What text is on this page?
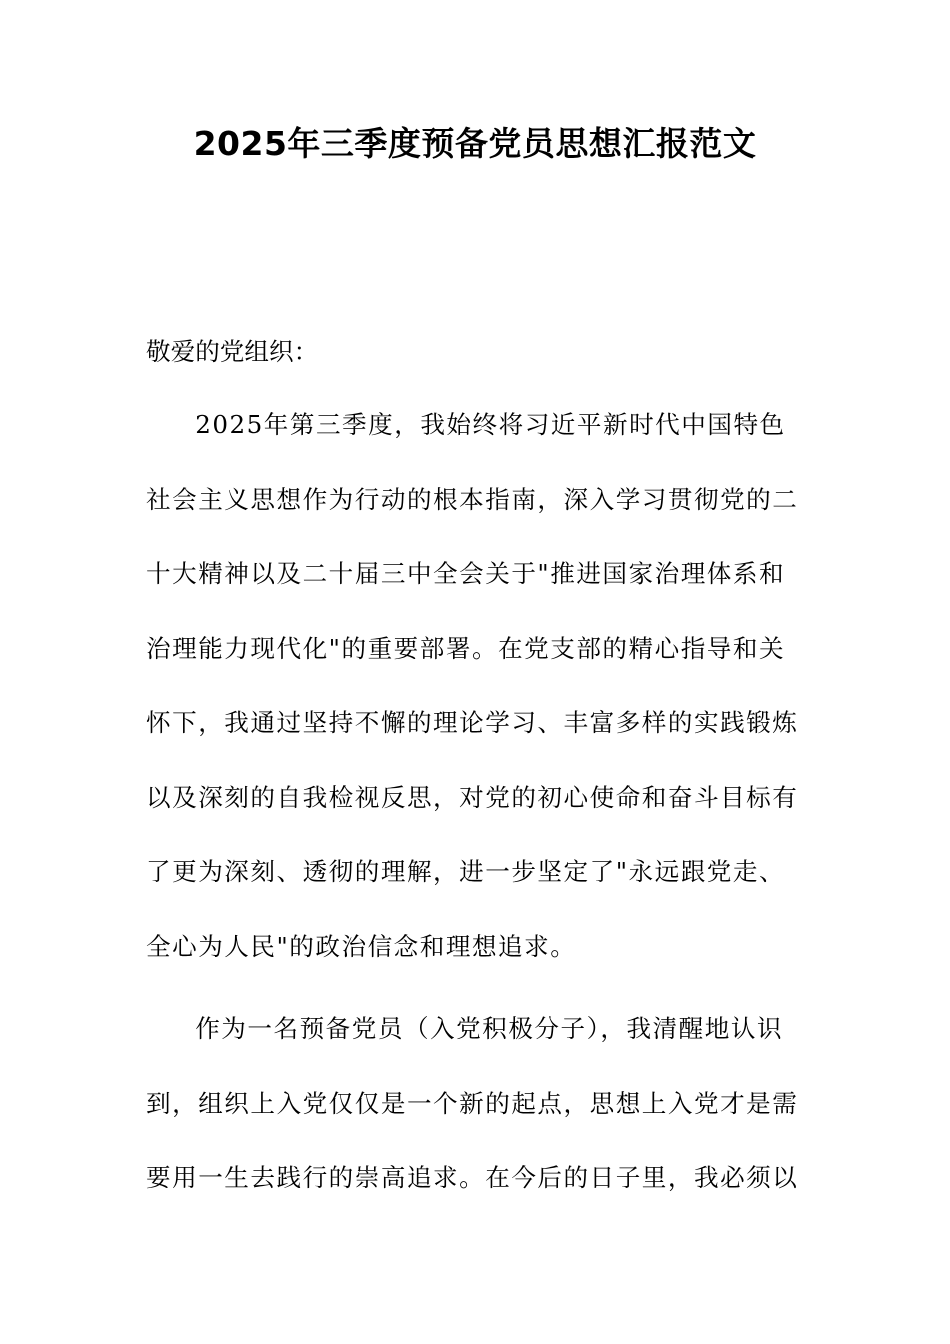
2025年三季度预备党员思想汇报范文

敬爱的党组织：

2025年第三季度，我始终将习近平新时代中国特色社会主义思想作为行动的根本指南，深入学习贯彻党的二十大精神以及二十届三中全会关于"推进国家治理体系和治理能力现代化"的重要部署。在党支部的精心指导和关怀下，我通过坚持不懈的理论学习、丰富多样的实践锻炼以及深刻的自我检视反思，对党的初心使命和奋斗目标有了更为深刻、透彻的理解，进一步坚定了"永远跟党走、全心为人民"的政治信念和理想追求。

作为一名预备党员（入党积极分子），我清醒地认识到，组织上入党仅仅是一个新的起点，思想上入党才是需要用一生去践行的崇高追求。在今后的日子里，我必须以
